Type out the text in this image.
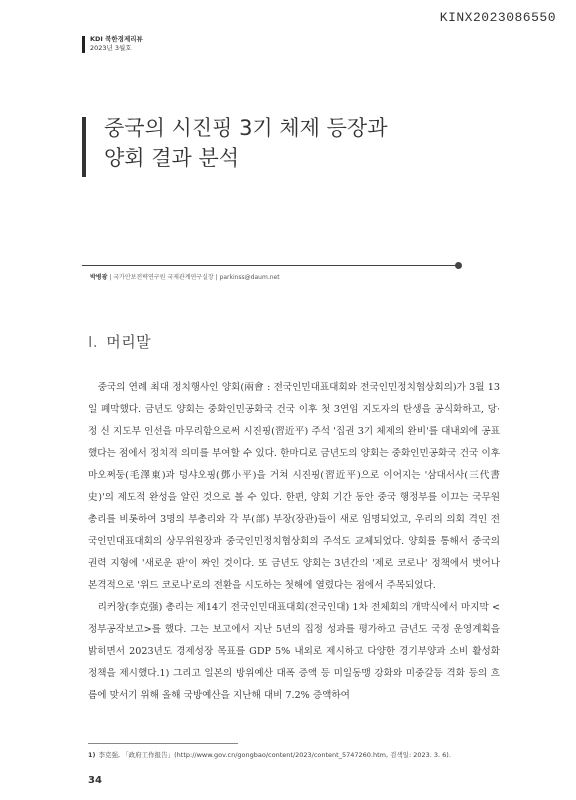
KINX2023086550
KDI 북한경제리뷰
2023년 3월호
중국의 시진핑 3기 체제 등장과
양회 결과 분석
박병광 | 국가안보전략연구원 국제관계연구실장 | parkinss@daum.net
Ⅰ. 머리말

중국의 연례 최대 정치행사인 양회(兩會 : 전국인민대표대회와 전국인민정치협상회의)가 3월 13일 폐막했다. 금년도 양회는 중화인민공화국 건국 이후 첫 3연임 지도자의 탄생을 공식화하고, 당·정 신 지도부 인선을 마무리함으로써 시진핑(習近平) 주석 '집권 3기 체제의 완비'를 대내외에 공표했다는 점에서 정치적 의미를 부여할 수 있다. 한마디로 금년도의 양회는 중화인민공화국 건국 이후 마오쩌둥(毛澤東)과 덩샤오핑(鄧小平)을 거쳐 시진핑(習近平)으로 이어지는 '삼대서사(三代書史)'의 제도적 완성을 알린 것으로 볼 수 있다. 한편, 양회 기간 동안 중국 행정부를 이끄는 국무원 총리를 비롯하여 3명의 부총리와 각 부(部) 부장(장관)들이 새로 임명되었고, 우리의 의회 격인 전국인민대표대회의 상무위원장과 중국인민정치협상회의 주석도 교체되었다. 양회를 통해서 중국의 권력 지형에 '새로운 판'이 짜인 것이다. 또 금년도 양회는 3년간의 '제로 코로나' 정책에서 벗어나 본격적으로 '위드 코로나'로의 전환을 시도하는 첫해에 열렸다는 점에서 주목되었다.

리커창(李克强) 총리는 제14기 전국인민대표대회(전국인대) 1차 전체회의 개막식에서 마지막 <정부공작보고>를 했다. 그는 보고에서 지난 5년의 집정 성과를 평가하고 금년도 국정 운영계획을 밝히면서 2023년도 경제성장 목표를 GDP 5% 내외로 제시하고 다양한 경기부양과 소비 활성화 정책을 제시했다.1) 그리고 일본의 방위예산 대폭 증액 등 미일동맹 강화와 미중갈등 격화 등의 흐름에 맞서기 위해 올해 국방예산을 지난해 대비 7.2% 증액하여

1) 李克强, 「政府工作报告」(http://www.gov.cn/gongbao/content/2023/content_5747260.htm, 검색일: 2023. 3. 6).
34
